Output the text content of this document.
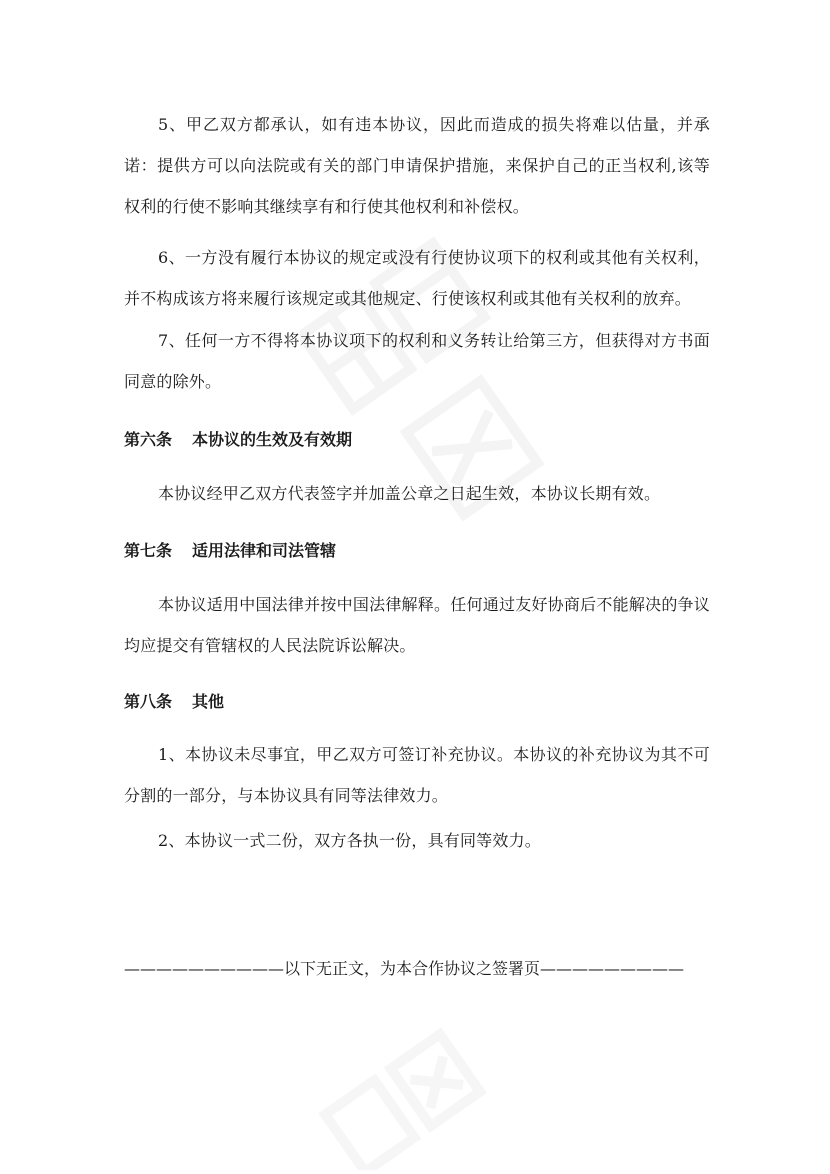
5、甲乙双方都承认，如有违本协议，因此而造成的损失将难以估量，并承诺：提供方可以向法院或有关的部门申请保护措施，来保护自己的正当权利,该等权利的行使不影响其继续享有和行使其他权利和补偿权。

6、一方没有履行本协议的规定或没有行使协议项下的权利或其他有关权利，并不构成该方将来履行该规定或其他规定、行使该权利或其他有关权利的放弃。

7、任何一方不得将本协议项下的权利和义务转让给第三方，但获得对方书面同意的除外。

第六条 本协议的生效及有效期

本协议经甲乙双方代表签字并加盖公章之日起生效，本协议长期有效。

第七条 适用法律和司法管辖

本协议适用中国法律并按中国法律解释。任何通过友好协商后不能解决的争议均应提交有管辖权的人民法院诉讼解决。

第八条 其他

1、本协议未尽事宜，甲乙双方可签订补充协议。本协议的补充协议为其不可分割的一部分，与本协议具有同等法律效力。

2、本协议一式二份，双方各执一份，具有同等效力。

——————————以下无正文，为本合作协议之签署页—————————
